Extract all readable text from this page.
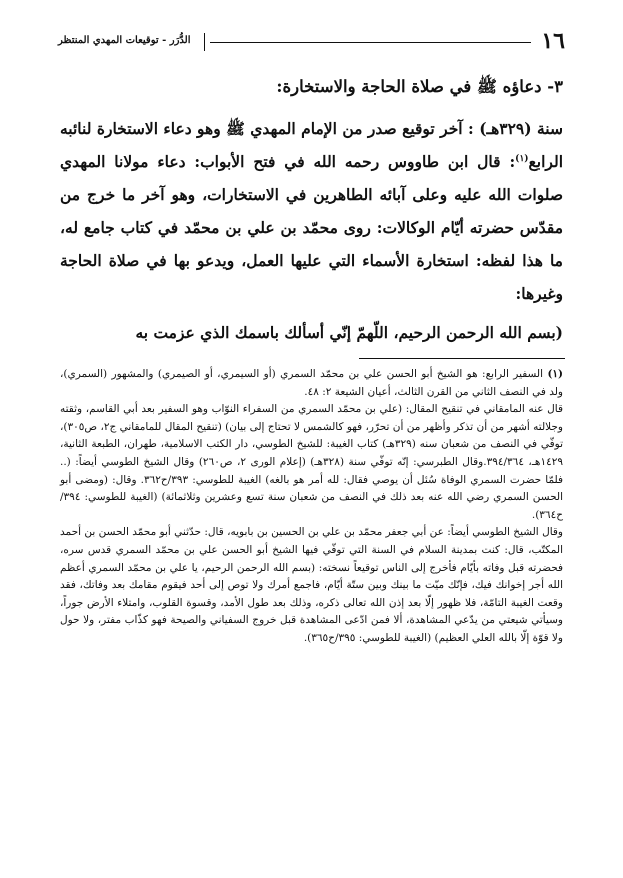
١٦
الدُّرَر - توقيعات المهدي المنتظر

٣- دعاؤه ﷺ في صلاة الحاجة والاستخارة:

سنة (٣٢٩هـ) : آخر توقيع صدر من الإمام المهدي ﷺ وهو دعاء الاستخارة لنائبه الرابع$^{(١)}$: قال ابن طاووس رحمه الله في فتح الأبواب: دعاء مولانا المهدي صلوات الله عليه وعلى آبائه الطاهرين في الاستخارات، وهو آخر ما خرج من مقدّس حضرته أيّام الوكالات: روى محمّد بن علي بن محمّد في كتاب جامع له، ما هذا لفظه: استخارة الأسماء التي عليها العمل، ويدعو بها في صلاة الحاجة وغيرها:

(بسم الله الرحمن الرحيم، اللّهمّ إنّي أسألك باسمك الذي عزمت به

(١) السفير الرابع: هو الشيخ أبو الحسن علي بن محمّد السمري (أو السيمري، أو الصيمري) والمشهور (السمري)، ولد في النصف الثاني من القرن الثالث، أعيان الشيعة ٢: ٤٨.

قال عنه المامقاني في تنقيح المقال: (علي بن محمّد السمري من السفراء النوّاب وهو السفير بعد أبي القاسم، وثقته وجلالته أشهر من أن تذكر وأظهر من أن تحرّر، فهو كالشمس لا تحتاج إلى بيان) (تنقيح المقال للمامقاني ج٢، ص٣٠٥)، توفّي في النصف من شعبان سنه (٣٢٩هـ) كتاب الغيبة: للشيخ الطوسي، دار الكتب الاسلامية، طهران، الطبعة الثانية، ١٤٢٩هـ، ٣٩٤/٣٦٤.وقال الطبرسي: إنّه توفّي سنة (٣٢٨هـ) (إعلام الورى ٢، ص٢٦٠) وقال الشيخ الطوسي أيضاً: (.. فلمّا حضرت السمري الوفاة سُئل أن يوصي فقال: لله أمر هو بالغه) الغيبة للطوسي: ٣٩٣/ح٣٦٢. وقال: (ومضى أبو الحسن السمري رضي الله عنه بعد ذلك في النصف من شعبان سنة تسع وعشرين وثلاثمائة) (الغيبة للطوسي: ٣٩٤/ح٣٦٤).

وقال الشيخ الطوسي أيضاً: عن أبي جعفر محمّد بن علي بن الحسين بن بابويه، قال: حدّثني أبو محمّد الحسن بن أحمد المكتّب، قال: كنت بمدينة السلام في السنة التي توفّي فيها الشيخ أبو الحسن علي بن محمّد السمري قدس سره، فحضرته قبل وفاته بأيّام فأخرج إلى الناس توقيعاً نسخته: (بسم الله الرحمن الرحيم، يا علي بن محمّد السمري أعظم الله أجر إخوانك فيك، فإنّك ميّت ما بينك وبين ستّة أيّام، فاجمع أمرك ولا توص إلى أحد فيقوم مقامك بعد وفاتك، فقد وقعت الغيبة التامّة، فلا ظهور إلّا بعد إذن الله تعالى ذكره، وذلك بعد طول الأمد، وقسوة القلوب، وامتلاء الأرض جوراً، وسيأتي شيعتي من يدّعي المشاهدة، ألا فمن ادّعى المشاهدة قبل خروج السفياني والصيحة فهو كذّاب مفتر، ولا حول ولا قوّة إلّا بالله العلي العظيم) (الغيبة للطوسي: ٣٩٥/ح٣٦٥).
